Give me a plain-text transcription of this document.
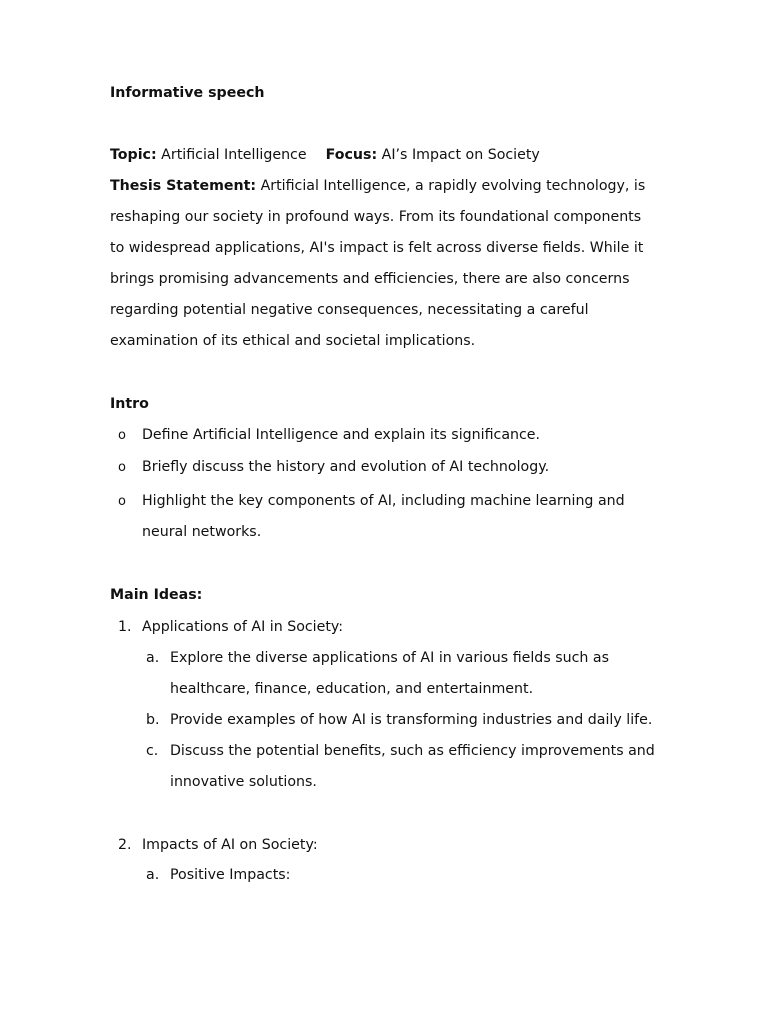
Informative speech
Topic: Artificial Intelligence Focus: AI’s Impact on Society
Thesis Statement: Artificial Intelligence, a rapidly evolving technology, is
reshaping our society in profound ways. From its foundational components
to widespread applications, AI's impact is felt across diverse fields. While it
brings promising advancements and efficiencies, there are also concerns
regarding potential negative consequences, necessitating a careful
examination of its ethical and societal implications.
Intro
o Define Artificial Intelligence and explain its significance.
o Briefly discuss the history and evolution of AI technology.
o Highlight the key components of AI, including machine learning and
neural networks.
Main Ideas:
1. Applications of AI in Society:
a. Explore the diverse applications of AI in various fields such as
healthcare, finance, education, and entertainment.
b. Provide examples of how AI is transforming industries and daily life.
c. Discuss the potential benefits, such as efficiency improvements and
innovative solutions.
2. Impacts of AI on Society:
a. Positive Impacts:
